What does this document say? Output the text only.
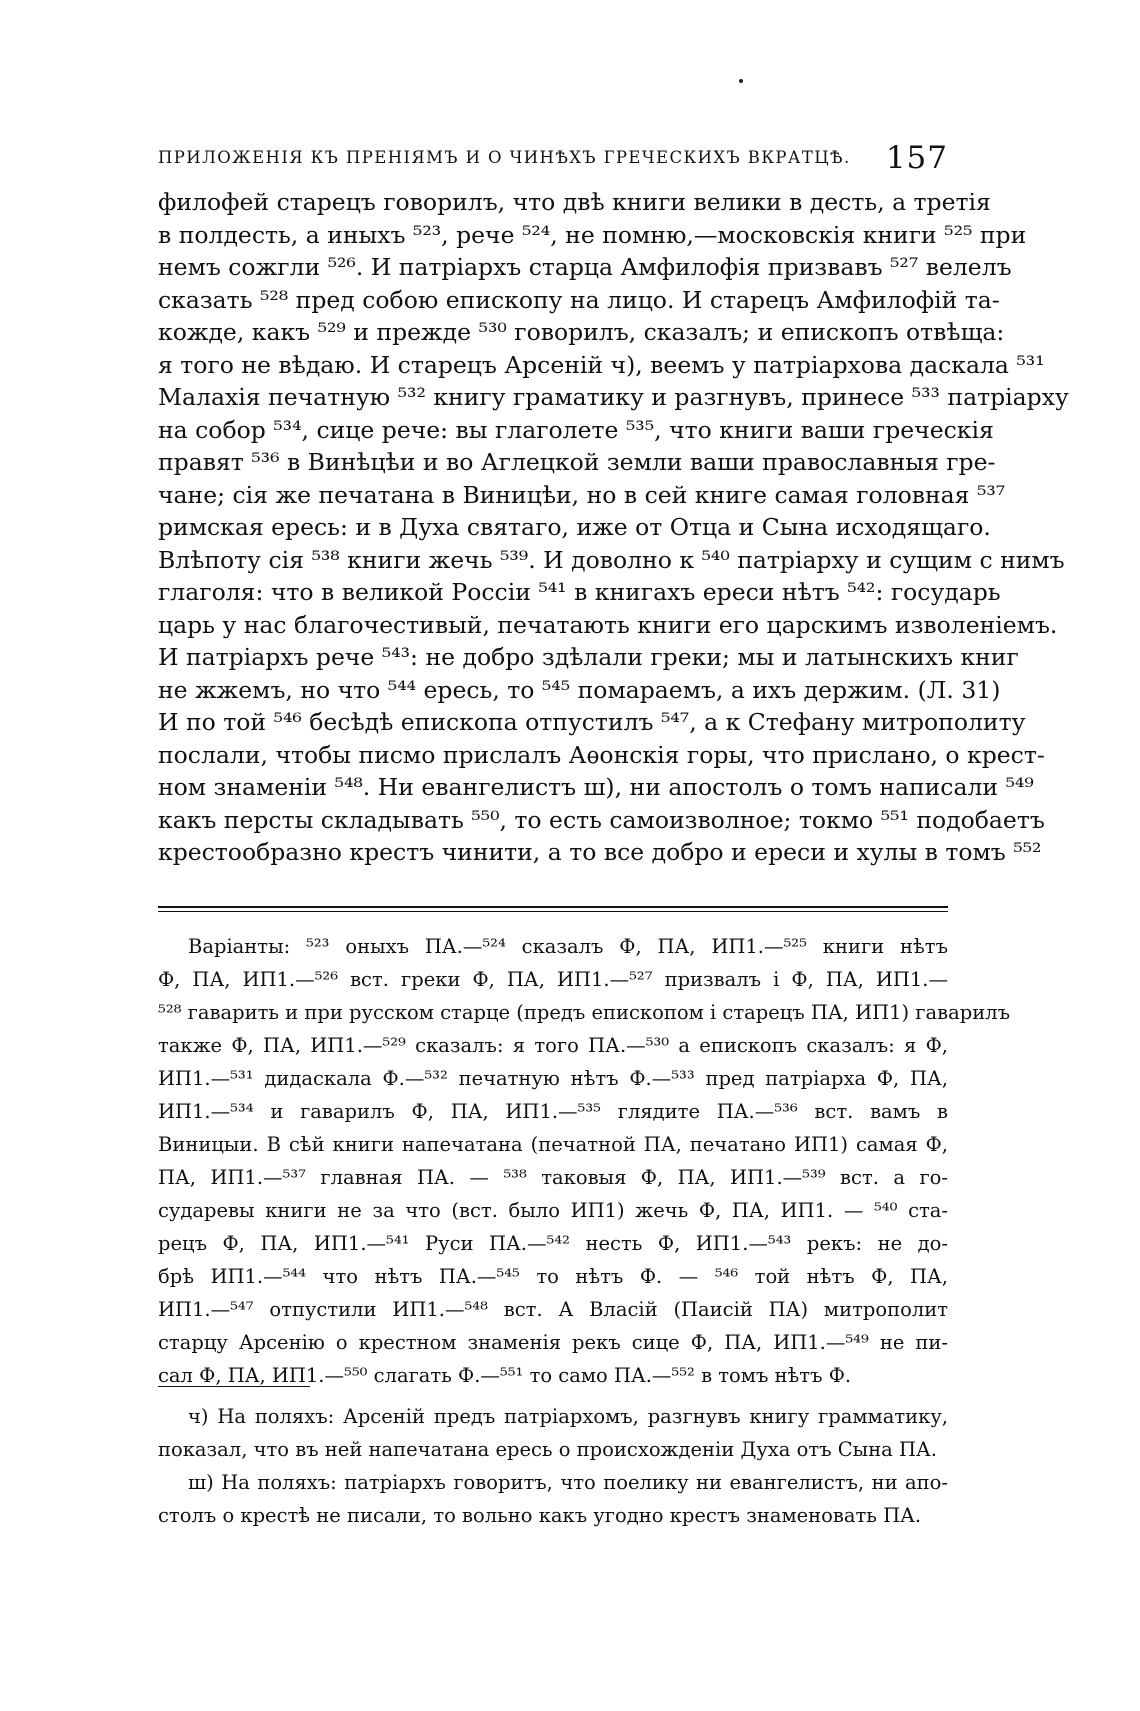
ПРИЛОЖЕНІЯ КЪ ПРЕНІЯМЪ И О ЧИНѢХЪ ГРЕЧЕСКИХЪ ВКРАТЦѢ. 157
филофей старецъ говорилъ, что двѣ книги велики в десть, а третія
в полдесть, а иныхъ ⁵²³, рече ⁵²⁴, не помню,—московскія книги ⁵²⁵ при
немъ сожгли ⁵²⁶. И патріархъ старца Амфилофія призвавъ ⁵²⁷ велелъ
сказать ⁵²⁸ пред собою епископу на лицо. И старецъ Амфилофій та-
кожде, какъ ⁵²⁹ и прежде ⁵³⁰ говорилъ, сказалъ; и епископъ отвѣща:
я того не вѣдаю. И старецъ Арсеній ч), веемъ у патріархова даскала ⁵³¹
Малахія печатную ⁵³² книгу граматику и разгнувъ, принесе ⁵³³ патріарху
на собор ⁵³⁴, сице рече: вы глаголете ⁵³⁵, что книги ваши греческія
правят ⁵³⁶ в Винѣцѣи и во Аглецкой земли ваши православныя гре-
чане; сія же печатана в Виницѣи, но в сей книге самая головная ⁵³⁷
римская ересь: и в Духа святаго, иже от Отца и Сына исходящаго.
Влѣпоту сія ⁵³⁸ книги жечь ⁵³⁹. И доволно к ⁵⁴⁰ патріарху и сущим с нимъ
глаголя: что в великой Россіи ⁵⁴¹ в книгахъ ереси нѣтъ ⁵⁴²: государь
царь у нас благочестивый, печатають книги его царскимъ изволеніемъ.
И патріархъ рече ⁵⁴³: не добро здѣлали греки; мы и латынскихъ книг
не жжемъ, но что ⁵⁴⁴ ересь, то ⁵⁴⁵ помараемъ, а ихъ держим. (Л. 31)
И по той ⁵⁴⁶ бесѣдѣ епископа отпустилъ ⁵⁴⁷, а к Стефану митрополиту
послали, чтобы писмо прислалъ Аѳонскія горы, что прислано, о крест-
ном знаменіи ⁵⁴⁸. Ни евангелистъ ш), ни апостолъ о томъ написали ⁵⁴⁹
какъ персты складывать ⁵⁵⁰, то есть самоизволное; токмо ⁵⁵¹ подобаетъ
крестообразно крестъ чинити, а то все добро и ереси и хулы в томъ ⁵⁵²
Варіанты: ⁵²³ оныхъ ПА.—⁵²⁴ сказалъ Ф, ПА, ИП1.—⁵²⁵ книги нѣтъ
Ф, ПА, ИП1.—⁵²⁶ вст. греки Ф, ПА, ИП1.—⁵²⁷ призвалъ і Ф, ПА, ИП1.—
⁵²⁸ гаварить и при русском старце (предъ епископом і старецъ ПА, ИП1) гаварилъ
также Ф, ПА, ИП1.—⁵²⁹ сказалъ: я того ПА.—⁵³⁰ а епископъ сказалъ: я Ф,
ИП1.—⁵³¹ дидаскала Ф.—⁵³² печатную нѣтъ Ф.—⁵³³ пред патріарха Ф, ПА,
ИП1.—⁵³⁴ и гаварилъ Ф, ПА, ИП1.—⁵³⁵ глядите ПА.—⁵³⁶ вст. вамъ в
Виницыи. В сѣй книги напечатана (печатной ПА, печатано ИП1) самая Ф,
ПА, ИП1.—⁵³⁷ главная ПА. — ⁵³⁸ таковыя Ф, ПА, ИП1.—⁵³⁹ вст. а го-
сударевы книги не за что (вст. было ИП1) жечь Ф, ПА, ИП1. — ⁵⁴⁰ ста-
рецъ Ф, ПА, ИП1.—⁵⁴¹ Руси ПА.—⁵⁴² несть Ф, ИП1.—⁵⁴³ рекъ: не до-
брѣ ИП1.—⁵⁴⁴ что нѣтъ ПА.—⁵⁴⁵ то нѣтъ Ф. — ⁵⁴⁶ той нѣтъ Ф, ПА,
ИП1.—⁵⁴⁷ отпустили ИП1.—⁵⁴⁸ вст. А Власій (Паисій ПА) митрополит
старцу Арсенію о крестном знаменія рекъ сице Ф, ПА, ИП1.—⁵⁴⁹ не пи-
сал Ф, ПА, ИП1.—⁵⁵⁰ слагать Ф.—⁵⁵¹ то само ПА.—⁵⁵² в томъ нѣтъ Ф.
ч) На поляхъ: Арсеній предъ патріархомъ, разгнувъ книгу грамматику,
показал, что въ ней напечатана ересь о происхожденіи Духа отъ Сына ПА.
ш) На поляхъ: патріархъ говоритъ, что поелику ни евангелистъ, ни апо-
столъ о крестѣ не писали, то вольно какъ угодно крестъ знаменовать ПА.
